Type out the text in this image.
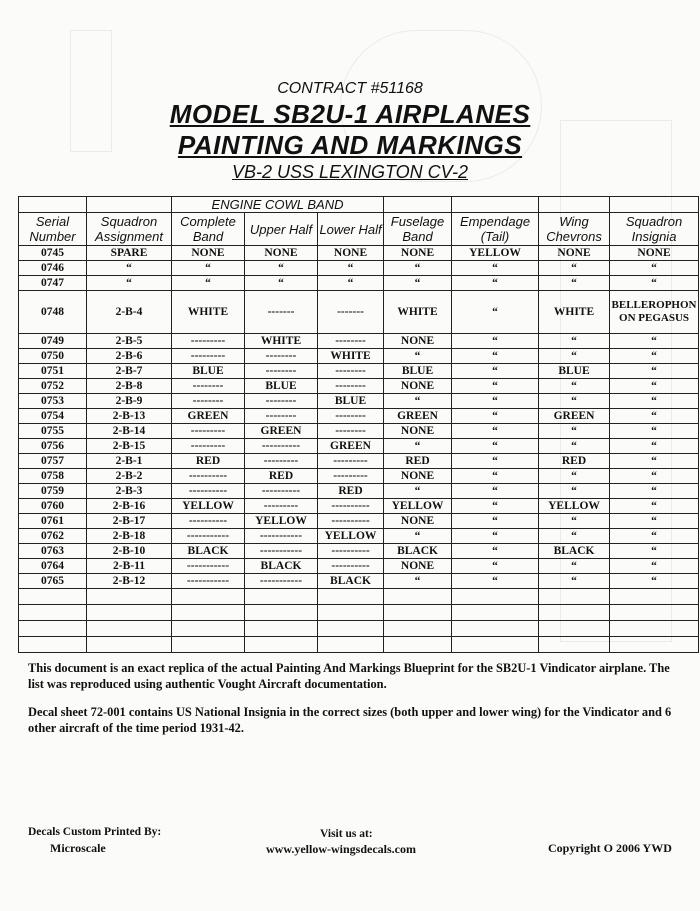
CONTRACT #51168
MODEL SB2U-1 AIRPLANES
PAINTING AND MARKINGS
VB-2 USS LEXINGTON CV-2
		ENGINE COWL BAND						
Serial Number	Squadron Assignment	Complete Band	Upper Half	Lower Half	Fuselage Band	Empendage (Tail)	Wing Chevrons	Squadron Insignia
0745	SPARE	NONE	NONE	NONE	NONE	YELLOW	NONE	NONE
0746	“	“	“	“	“	“	“	“
0747	“	“	“	“	“	“	“	“
0748	2-B-4	WHITE	-------	-------	WHITE	“	WHITE	BELLEROPHON ON PEGASUS
0749	2-B-5	---------	WHITE	--------	NONE	“	“	“
0750	2-B-6	---------	--------	WHITE	“	“	“	“
0751	2-B-7	BLUE	--------	--------	BLUE	“	BLUE	“
0752	2-B-8	--------	BLUE	--------	NONE	“	“	“
0753	2-B-9	--------	--------	BLUE	“	“	“	“
0754	2-B-13	GREEN	--------	--------	GREEN	“	GREEN	“
0755	2-B-14	---------	GREEN	--------	NONE	“	“	“
0756	2-B-15	---------	----------	GREEN	“	“	“	“
0757	2-B-1	RED	---------	---------	RED	“	RED	“
0758	2-B-2	----------	RED	---------	NONE	“	“	“
0759	2-B-3	----------	----------	RED	“	“	“	“
0760	2-B-16	YELLOW	---------	----------	YELLOW	“	YELLOW	“
0761	2-B-17	----------	YELLOW	----------	NONE	“	“	“
0762	2-B-18	-----------	-----------	YELLOW	“	“	“	“
0763	2-B-10	BLACK	-----------	----------	BLACK	“	BLACK	“
0764	2-B-11	-----------	BLACK	----------	NONE	“	“	“
0765	2-B-12	-----------	-----------	BLACK	“	“	“	“

This document is an exact replica of the actual Painting And Markings Blueprint for the SB2U-1 Vindicator airplane. The list was reproduced using authentic Vought Aircraft documentation.
Decal sheet 72-001 contains US National Insignia in the correct sizes (both upper and lower wing) for the Vindicator and 6 other aircraft of the time period 1931-42.
Decals Custom Printed By:
Microscale
Visit us at:
www.yellow-wingsdecals.com	Copyright O 2006 YWD
